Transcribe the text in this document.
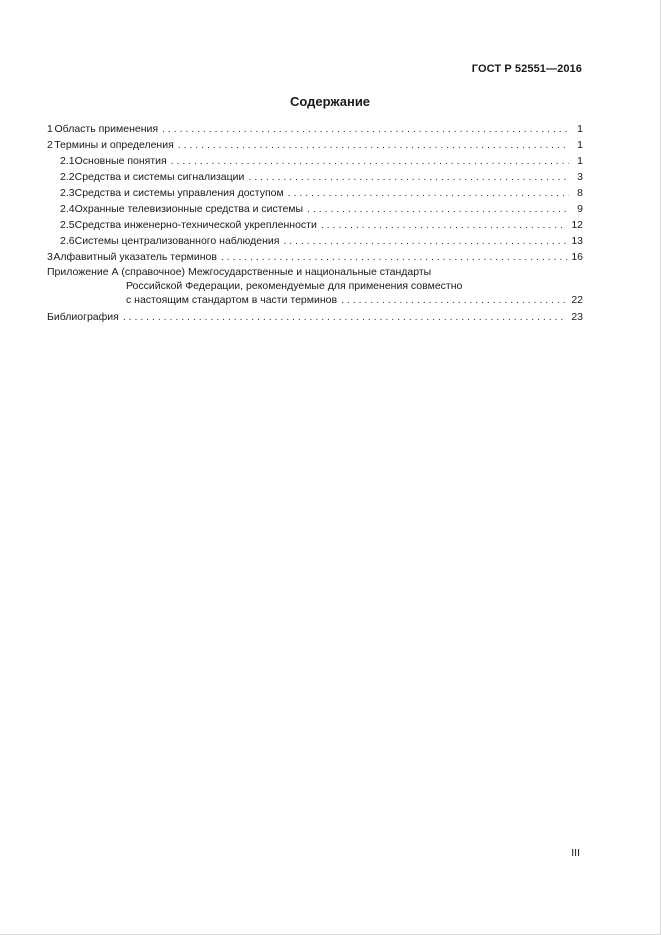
ГОСТ Р 52551—2016
Содержание
1 Область применения . . .	1
2 Термины и определения . . .	1
2.1 Основные понятия . . .	1
2.2 Средства и системы сигнализации . . .	3
2.3 Средства и системы управления доступом . . .	8
2.4 Охранные телевизионные средства и системы . . .	9
2.5 Средства инженерно-технической укрепленности . . .	12
2.6 Системы централизованного наблюдения . . .	13
3 Алфавитный указатель терминов . . .	16
Приложение А (справочное) Межгосударственные и национальные стандарты
Российской Федерации, рекомендуемые для применения совместно
с настоящим стандартом в части терминов . . .	22
Библиография . . .	23
III
